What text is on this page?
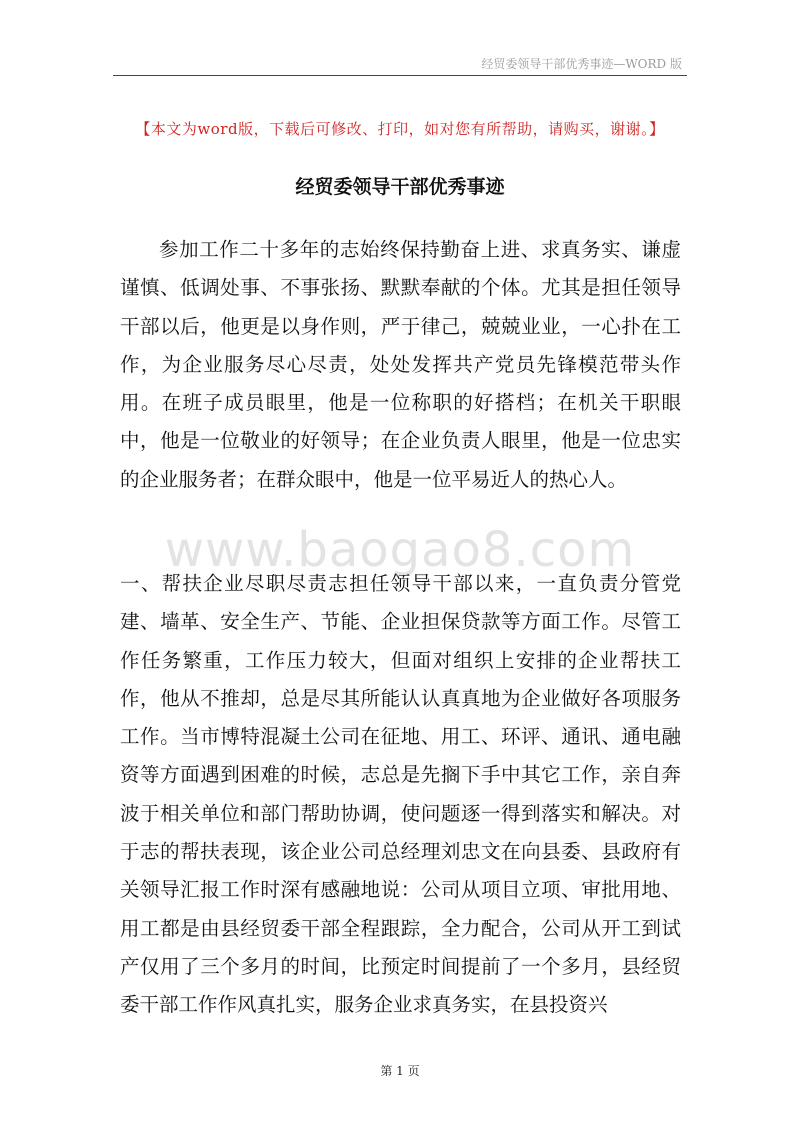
经贸委领导干部优秀事迹—WORD 版
【本文为word版，下载后可修改、打印，如对您有所帮助，请购买，谢谢。】
经贸委领导干部优秀事迹

参加工作二十多年的志始终保持勤奋上进、求真务实、谦虚谨慎、低调处事、不事张扬、默默奉献的个体。尤其是担任领导干部以后，他更是以身作则，严于律己，兢兢业业，一心扑在工作，为企业服务尽心尽责，处处发挥共产党员先锋模范带头作用。在班子成员眼里，他是一位称职的好搭档；在机关干职眼中，他是一位敬业的好领导；在企业负责人眼里，他是一位忠实的企业服务者；在群众眼中，他是一位平易近人的热心人。

www.baogao8.com

一、帮扶企业尽职尽责志担任领导干部以来，一直负责分管党建、墙革、安全生产、节能、企业担保贷款等方面工作。尽管工作任务繁重，工作压力较大，但面对组织上安排的企业帮扶工作，他从不推却，总是尽其所能认认真真地为企业做好各项服务工作。当市博特混凝土公司在征地、用工、环评、通讯、通电融资等方面遇到困难的时候，志总是先搁下手中其它工作，亲自奔波于相关单位和部门帮助协调，使问题逐一得到落实和解决。对于志的帮扶表现，该企业公司总经理刘忠文在向县委、县政府有关领导汇报工作时深有感融地说：公司从项目立项、审批用地、用工都是由县经贸委干部全程跟踪，全力配合，公司从开工到试产仅用了三个多月的时间，比预定时间提前了一个多月，县经贸委干部工作作风真扎实，服务企业求真务实，在县投资兴

第 1 页
